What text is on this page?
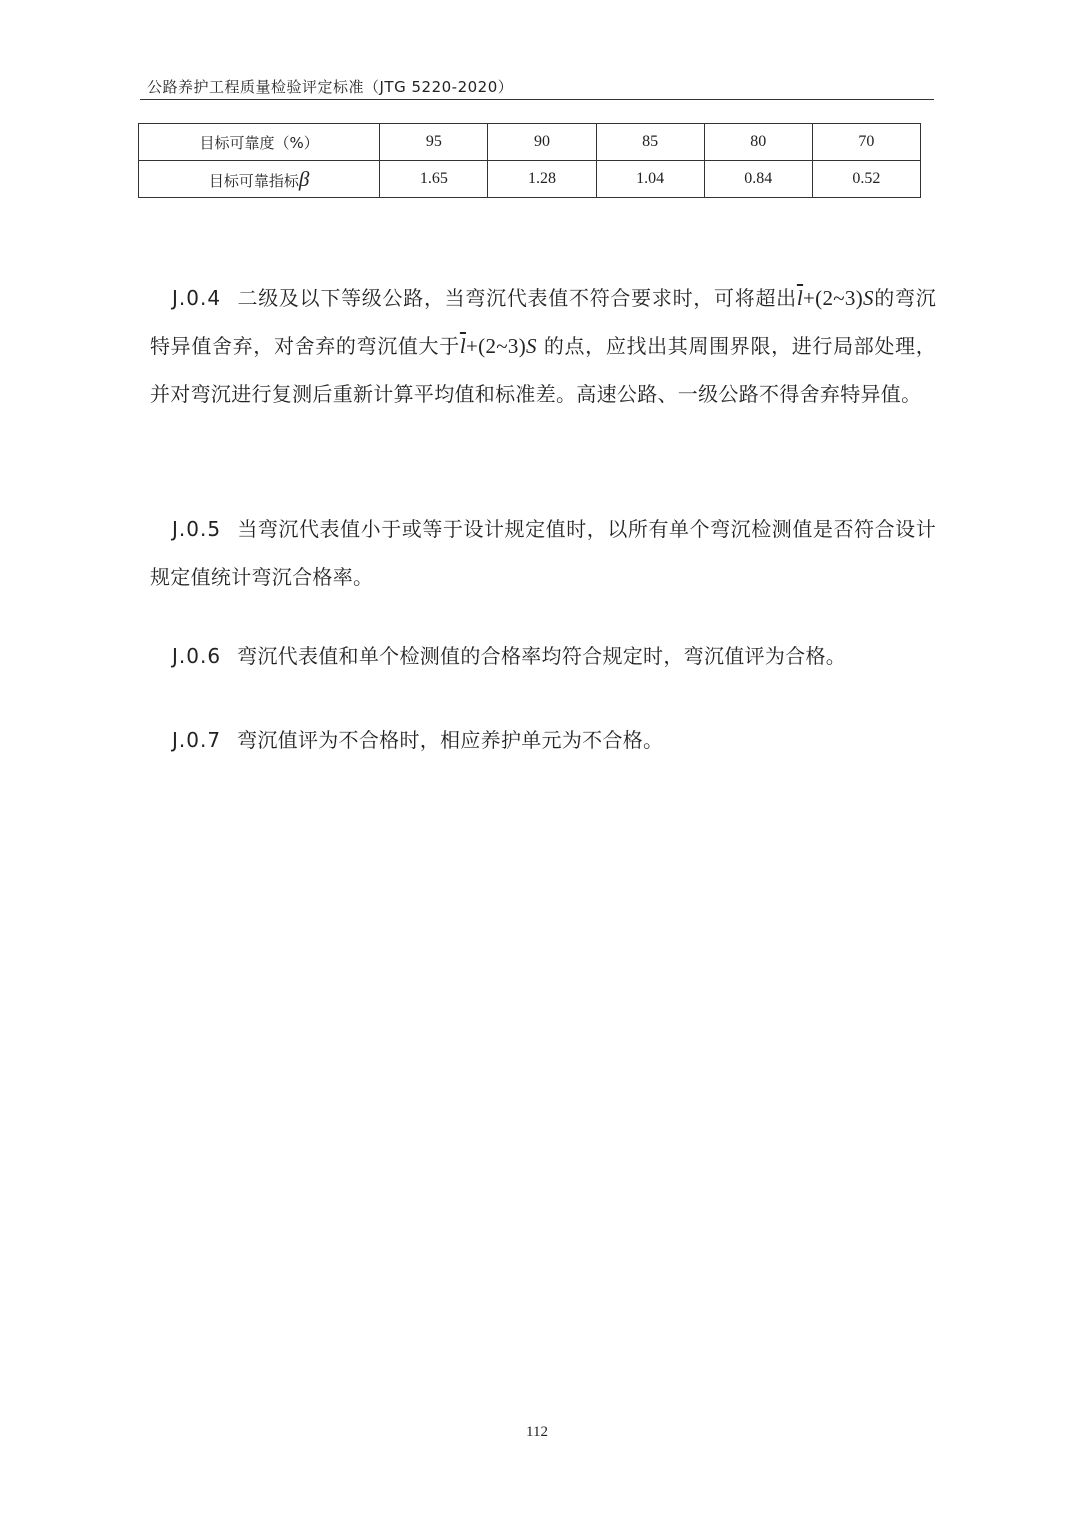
公路养护工程质量检验评定标准（JTG 5220-2020）
目标可靠度（%）	95	90	85	80	70
目标可靠指标β	1.65	1.28	1.04	0.84	0.52
J.0.4 二级及以下等级公路，当弯沉代表值不符合要求时，可将超出$\overline{l}+(2\sim 3)S$的弯沉特异值舍弃，对舍弃的弯沉值大于$\overline{l}+(2\sim 3)S$ 的点，应找出其周围界限，进行局部处理，并对弯沉进行复测后重新计算平均值和标准差。高速公路、一级公路不得舍弃特异值。
J.0.5 当弯沉代表值小于或等于设计规定值时，以所有单个弯沉检测值是否符合设计规定值统计弯沉合格率。
J.0.6 弯沉代表值和单个检测值的合格率均符合规定时，弯沉值评为合格。
J.0.7 弯沉值评为不合格时，相应养护单元为不合格。
112
